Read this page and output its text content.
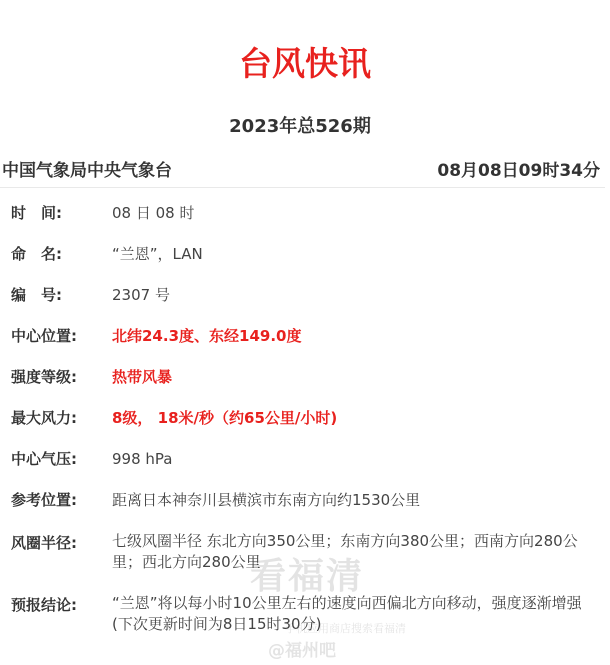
台风快讯
2023年总526期
中国气象局中央气象台	08月08日09时34分
时　间:	08 日 08 时
命　名:	“兰恩”，LAN
编　号:	2307 号
中心位置:	北纬24.3度、东经149.0度
强度等级:	热带风暴
最大风力:	8级， 18米/秒（约65公里/小时)
中心气压:	998 hPa
参考位置:	距离日本神奈川县横滨市东南方向约1530公里
风圈半径:	七级风圈半径 东北方向350公里；东南方向380公里；西南方向280公里；西北方向280公里
预报结论:	“兰恩”将以每小时10公里左右的速度向西偏北方向移动，强度逐渐增强
(下次更新时间为8日15时30分)
看福清
手机应用商店搜索看福清
@福州吧
